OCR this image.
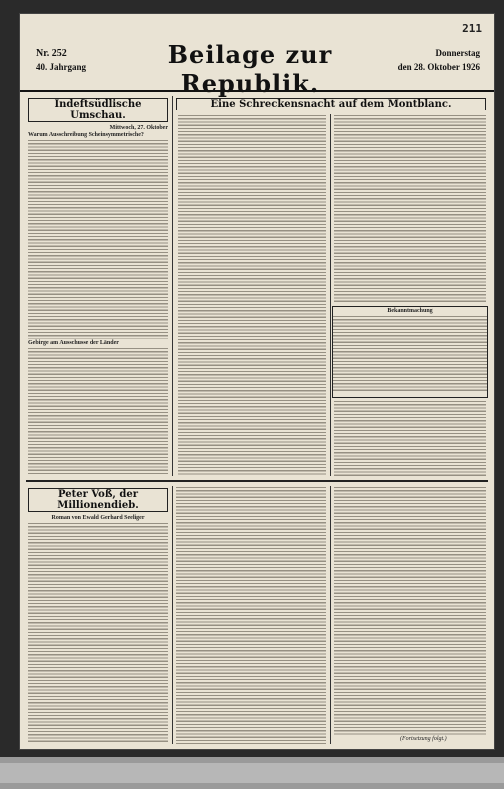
211
Nr. 252
40. Jahrgang	Beilage zur Republik.
Donnerstag
den 28. Oktober 1926
Indeftsüdlische Umschau.
Mittwoch, 27. Oktober
Warum Ausschreibung Scheinsymmetrische?
Gebirge am Ausschusse der Länder
Eine Schreckensnacht auf dem Montblanc.
Bekanntmachung
Peter Voß, der Millionendieb.
Roman von Ewald Gerhard Seeliger
(Fortsetzung folgt.)
